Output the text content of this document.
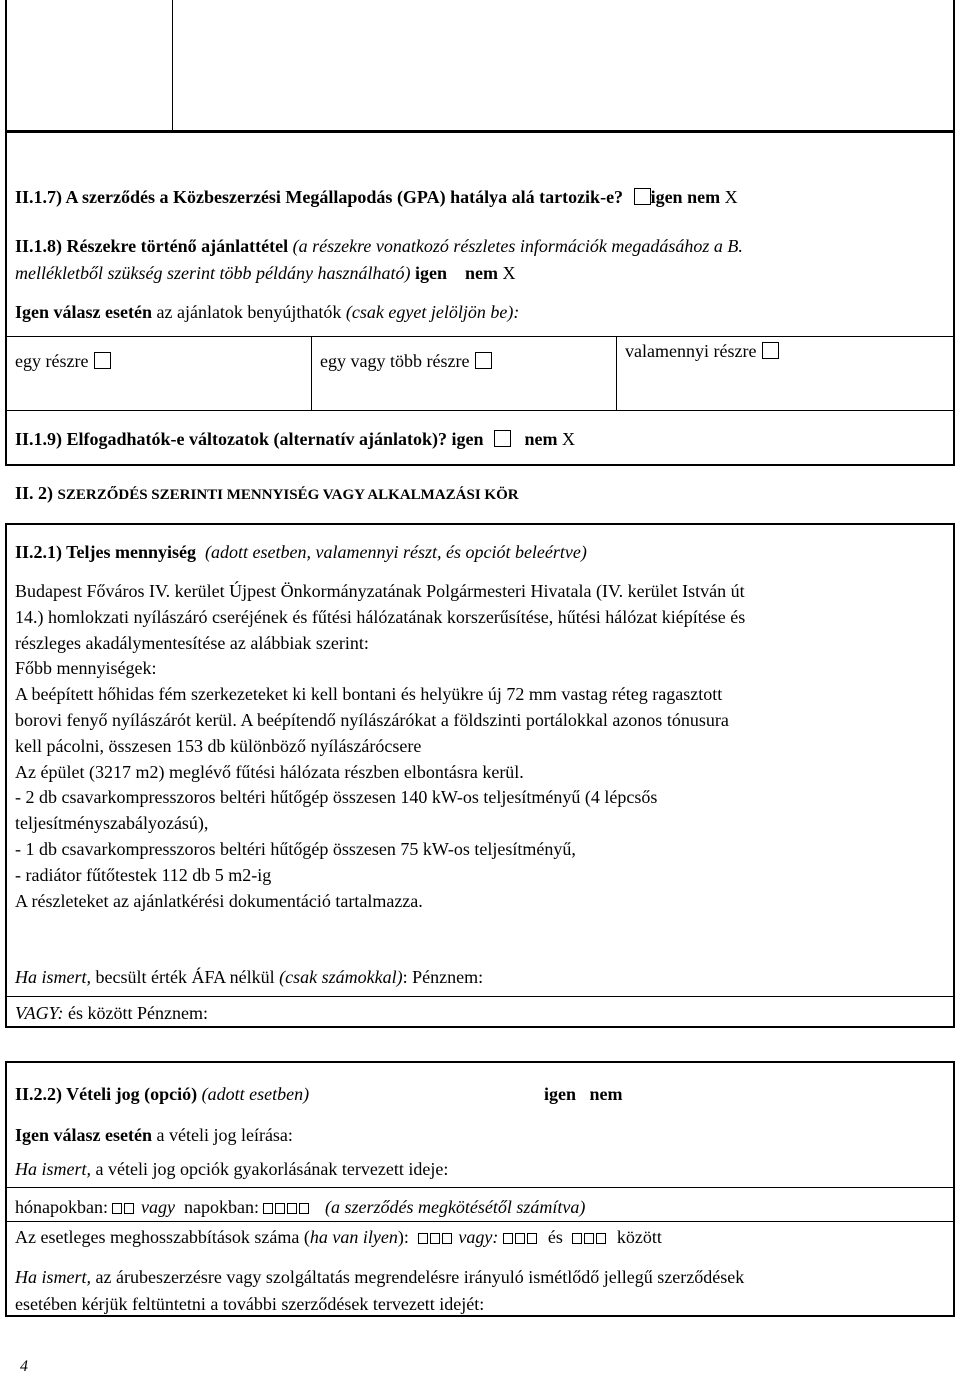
II.1.7) A szerződés a Közbeszerzési Megállapodás (GPA) hatálya alá tartozik-e? igen nem X
II.1.8) Részekre történő ajánlattétel (a részekre vonatkozó részletes információk megadásához a B.
mellékletből szükség szerint több példány használható) igen nem X
Igen válasz esetén az ajánlatok benyújthatók (csak egyet jelöljön be):
egy részre	egy vagy több részre	valamennyi részre
II.1.9) Elfogadhatók-e változatok (alternatív ajánlatok)? igen nem X
II. 2) SZERZŐDÉS SZERINTI MENNYISÉG VAGY ALKALMAZÁSI KÖR
II.2.1) Teljes mennyiség (adott esetben, valamennyi részt, és opciót beleértve)
Budapest Főváros IV. kerület Újpest Önkormányzatának Polgármesteri Hivatala (IV. kerület István út
14.) homlokzati nyílászáró cseréjének és fűtési hálózatának korszerűsítése, hűtési hálózat kiépítése és
részleges akadálymentesítése az alábbiak szerint:
Főbb mennyiségek:
A beépített hőhidas fém szerkezeteket ki kell bontani és helyükre új 72 mm vastag réteg ragasztott
borovi fenyő nyílászárót kerül. A beépítendő nyílászárókat a földszinti portálokkal azonos tónusura
kell pácolni, összesen 153 db különböző nyílászárócsere
Az épület (3217 m2) meglévő fűtési hálózata részben elbontásra kerül.
- 2 db csavarkompresszoros beltéri hűtőgép összesen 140 kW-os teljesítményű (4 lépcsős
teljesítményszabályozású),
- 1 db csavarkompresszoros beltéri hűtőgép összesen 75 kW-os teljesítményű,
- radiátor fűtőtestek 112 db 5 m2-ig
A részleteket az ajánlatkérési dokumentáció tartalmazza.
Ha ismert, becsült érték ÁFA nélkül (csak számokkal): Pénznem:
VAGY: és között Pénznem:
II.2.2) Vételi jog (opció) (adott esetben)	igen nem
Igen válasz esetén a vételi jog leírása:
Ha ismert, a vételi jog opciók gyakorlásának tervezett ideje:
hónapokban: vagy napokban:	(a szerződés megkötésétől számítva)
Az esetleges meghosszabbítások száma (ha van ilyen):	vagy:	és	között
Ha ismert, az árubeszerzésre vagy szolgáltatás megrendelésre irányuló ismétlődő jellegű szerződések
esetében kérjük feltüntetni a további szerződések tervezett idejét:
4
